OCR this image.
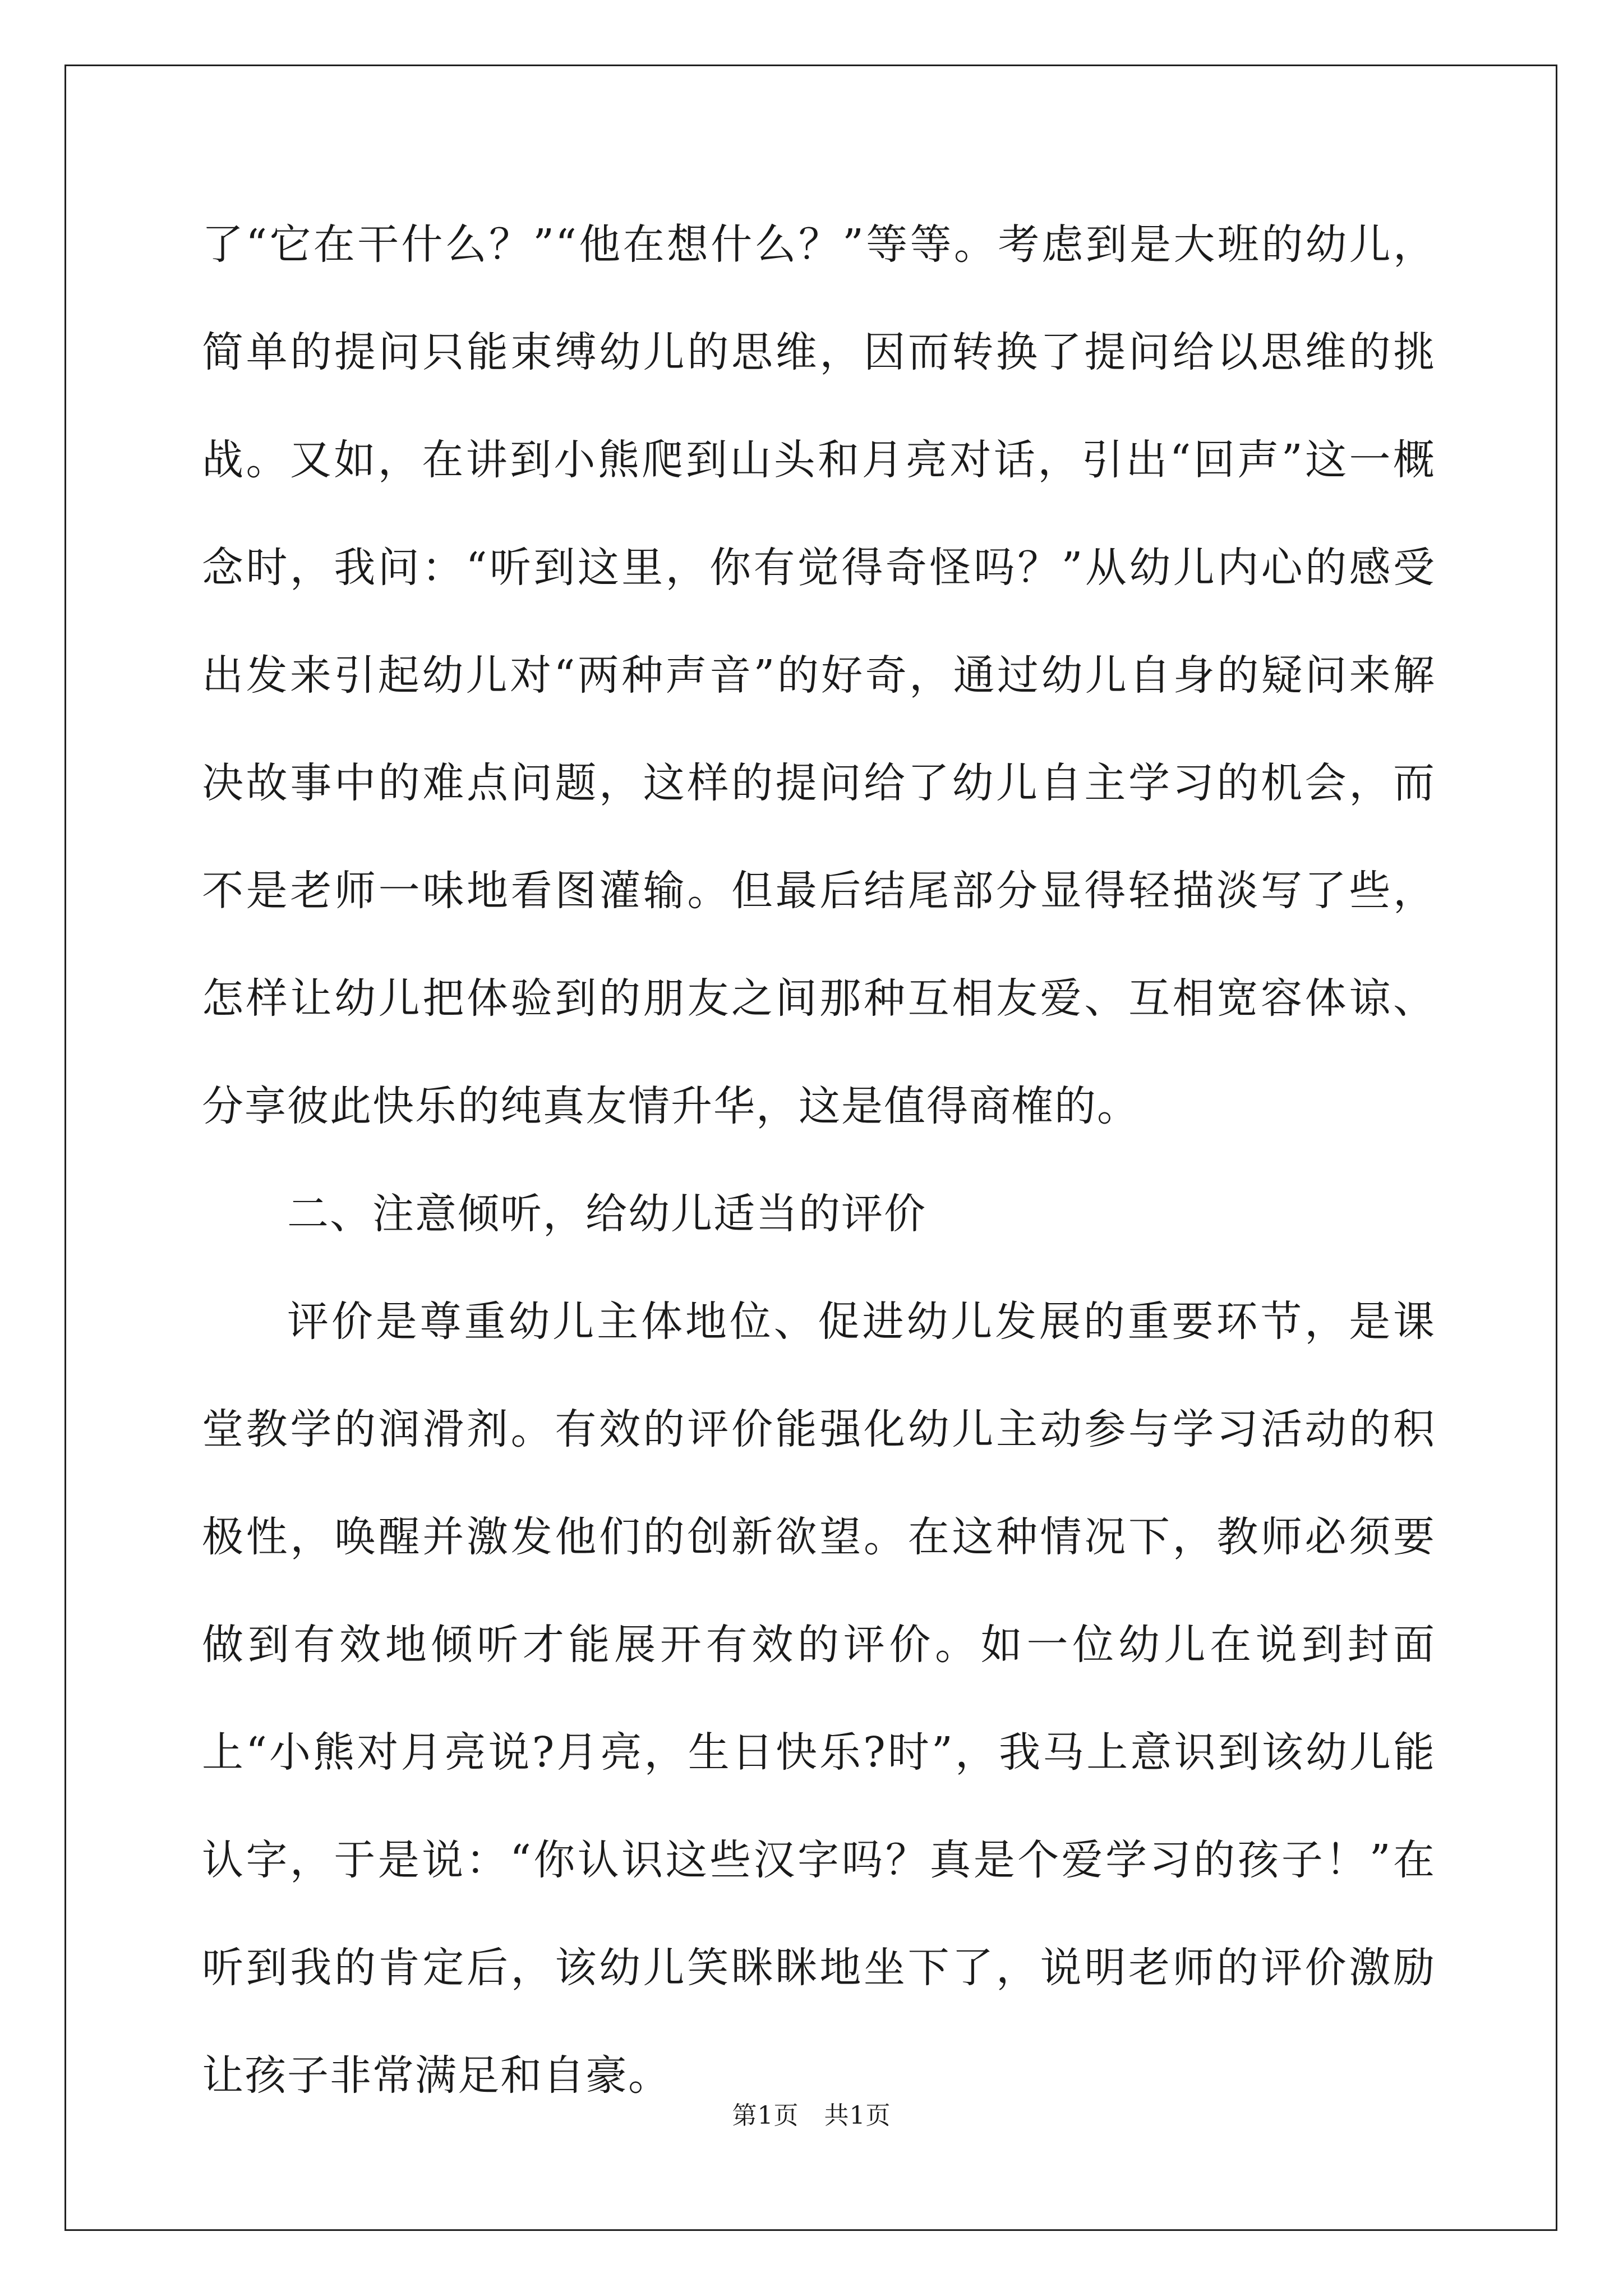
了“它在干什么？”“他在想什么？”等等。考虑到是大班的幼儿，简单的提问只能束缚幼儿的思维，因而转换了提问给以思维的挑战。又如，在讲到小熊爬到山头和月亮对话，引出“回声”这一概念时，我问：“听到这里，你有觉得奇怪吗？”从幼儿内心的感受出发来引起幼儿对“两种声音”的好奇，通过幼儿自身的疑问来解决故事中的难点问题，这样的提问给了幼儿自主学习的机会，而不是老师一味地看图灌输。但最后结尾部分显得轻描淡写了些，怎样让幼儿把体验到的朋友之间那种互相友爱、互相宽容体谅、分享彼此快乐的纯真友情升华，这是值得商榷的。

二、注意倾听，给幼儿适当的评价

评价是尊重幼儿主体地位、促进幼儿发展的重要环节，是课堂教学的润滑剂。有效的评价能强化幼儿主动参与学习活动的积极性，唤醒并激发他们的创新欲望。在这种情况下，教师必须要做到有效地倾听才能展开有效的评价。如一位幼儿在说到封面上“小熊对月亮说?月亮，生日快乐?时”，我马上意识到该幼儿能认字，于是说：“你认识这些汉字吗？真是个爱学习的孩子！”在听到我的肯定后，该幼儿笑眯眯地坐下了，说明老师的评价激励让孩子非常满足和自豪。

第1页　共1页
